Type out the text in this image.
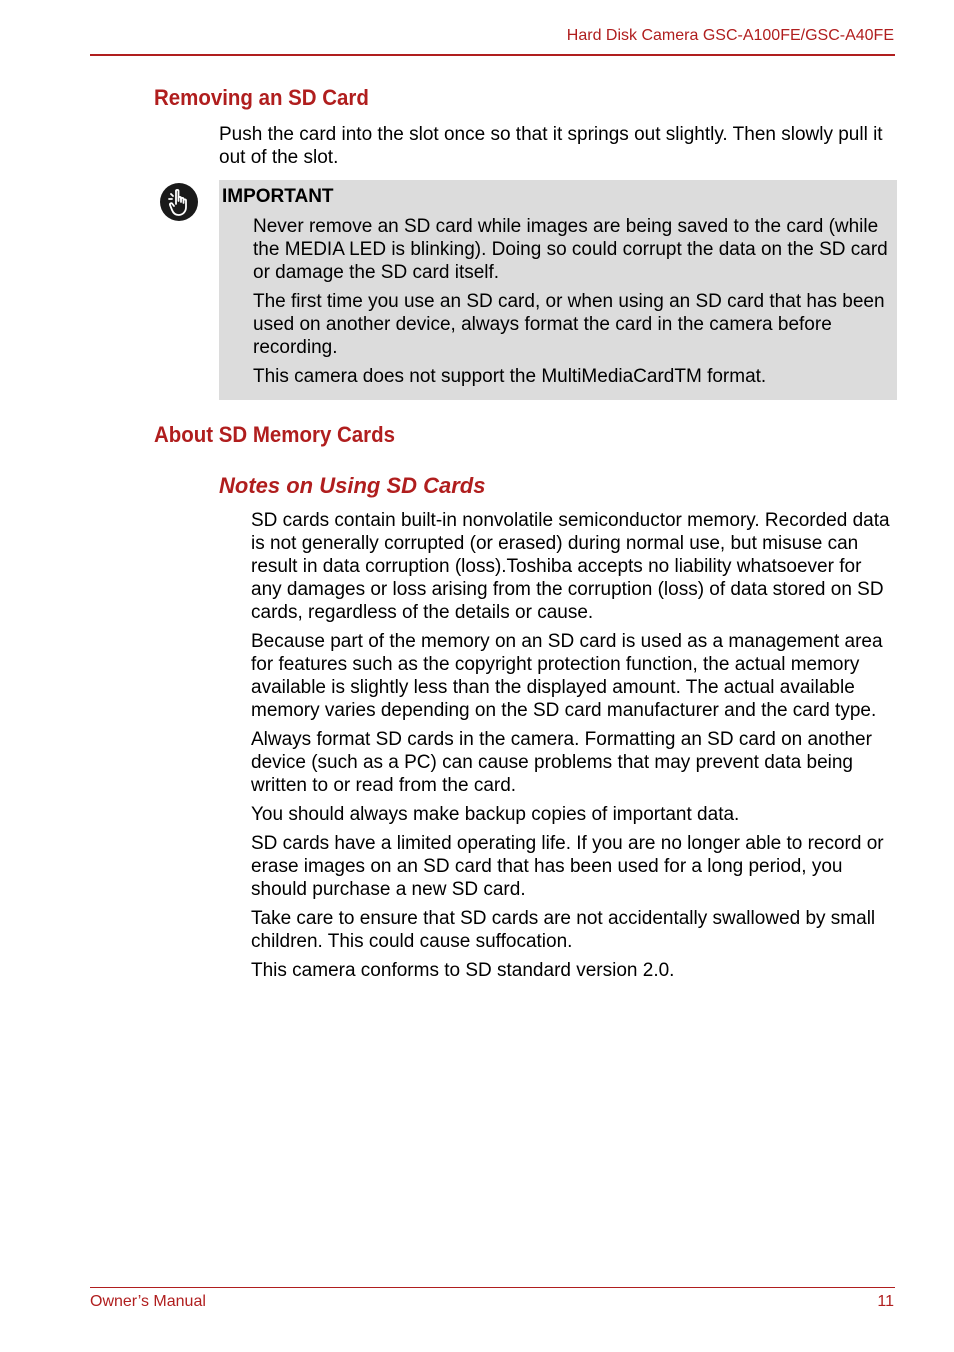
Hard Disk Camera GSC-A100FE/GSC-A40FE
Removing an SD Card

Push the card into the slot once so that it springs out slightly. Then slowly pull it out of the slot.

IMPORTANT

Never remove an SD card while images are being saved to the card (while the MEDIA LED is blinking). Doing so could corrupt the data on the SD card or damage the SD card itself.

The first time you use an SD card, or when using an SD card that has been used on another device, always format the card in the camera before recording.

This camera does not support the MultiMediaCardTM format.

About SD Memory Cards
Notes on Using SD Cards

SD cards contain built-in nonvolatile semiconductor memory. Recorded data is not generally corrupted (or erased) during normal use, but misuse can result in data corruption (loss).Toshiba accepts no liability whatsoever for any damages or loss arising from the corruption (loss) of data stored on SD cards, regardless of the details or cause.

Because part of the memory on an SD card is used as a management area for features such as the copyright protection function, the actual memory available is slightly less than the displayed amount. The actual available memory varies depending on the SD card manufacturer and the card type.

Always format SD cards in the camera. Formatting an SD card on another device (such as a PC) can cause problems that may prevent data being written to or read from the card.

You should always make backup copies of important data.

SD cards have a limited operating life. If you are no longer able to record or erase images on an SD card that has been used for a long period, you should purchase a new SD card.

Take care to ensure that SD cards are not accidentally swallowed by small children. This could cause suffocation.

This camera conforms to SD standard version 2.0.

Owner’s Manual	11
